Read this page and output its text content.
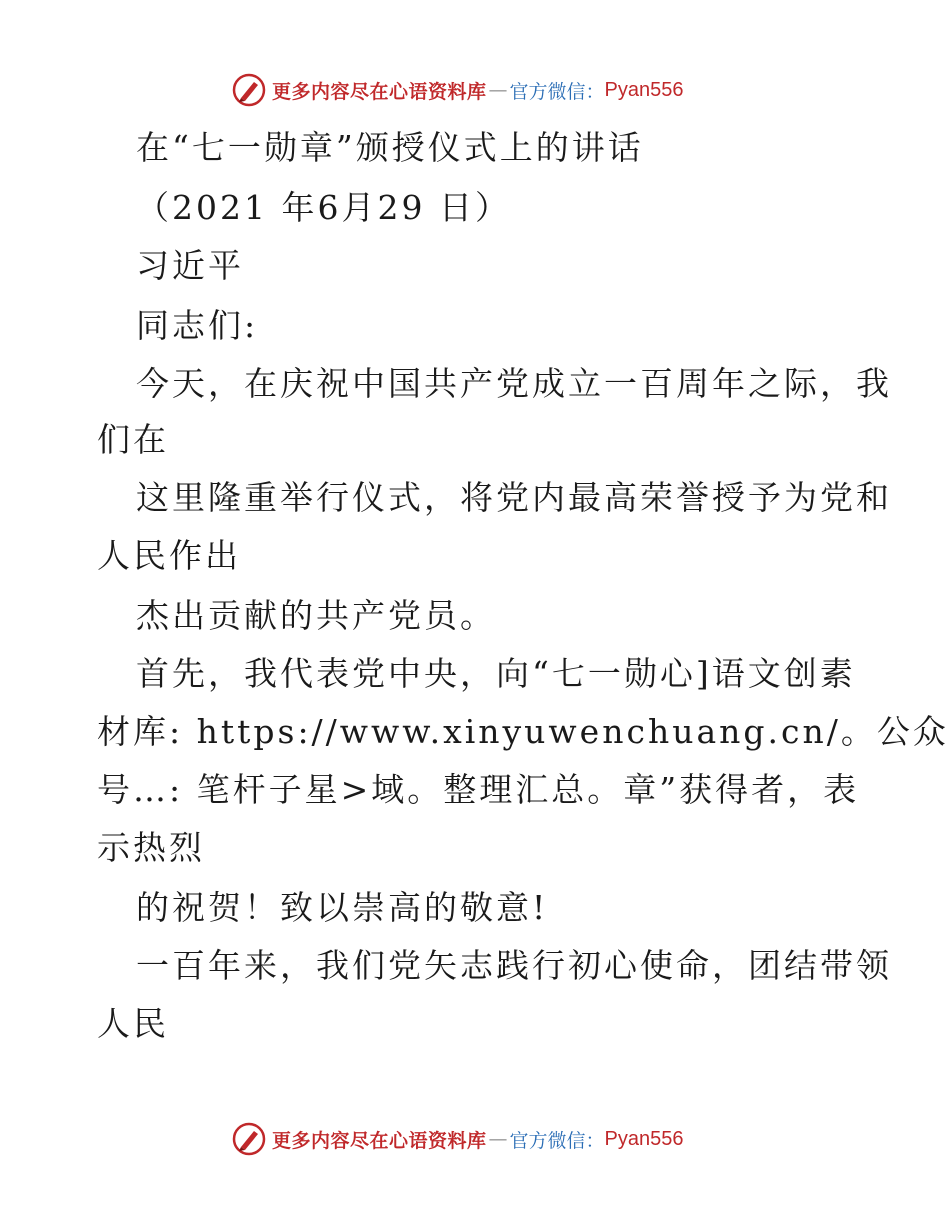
更多内容尽在心语资料库 — 官方微信： Pyan556
在“七一勋章”颁授仪式上的讲话
（2021 年6月29 日）
习近平
同志们:
今天，在庆祝中国共产党成立一百周年之际，我
们在
这里隆重举行仪式，将党内最高荣誉授予为党和
人民作出
杰出贡献的共产党员。
首先，我代表党中央，向“七一勋心]语文创素
材库: https://www.xinyuwenchuang.cn/。公众
号…: 笔杆子星>域。整理汇总。章”获得者，表
示热烈
的祝贺！致以崇高的敬意!
一百年来，我们党矢志践行初心使命，团结带领
人民
更多内容尽在心语资料库 — 官方微信： Pyan556
